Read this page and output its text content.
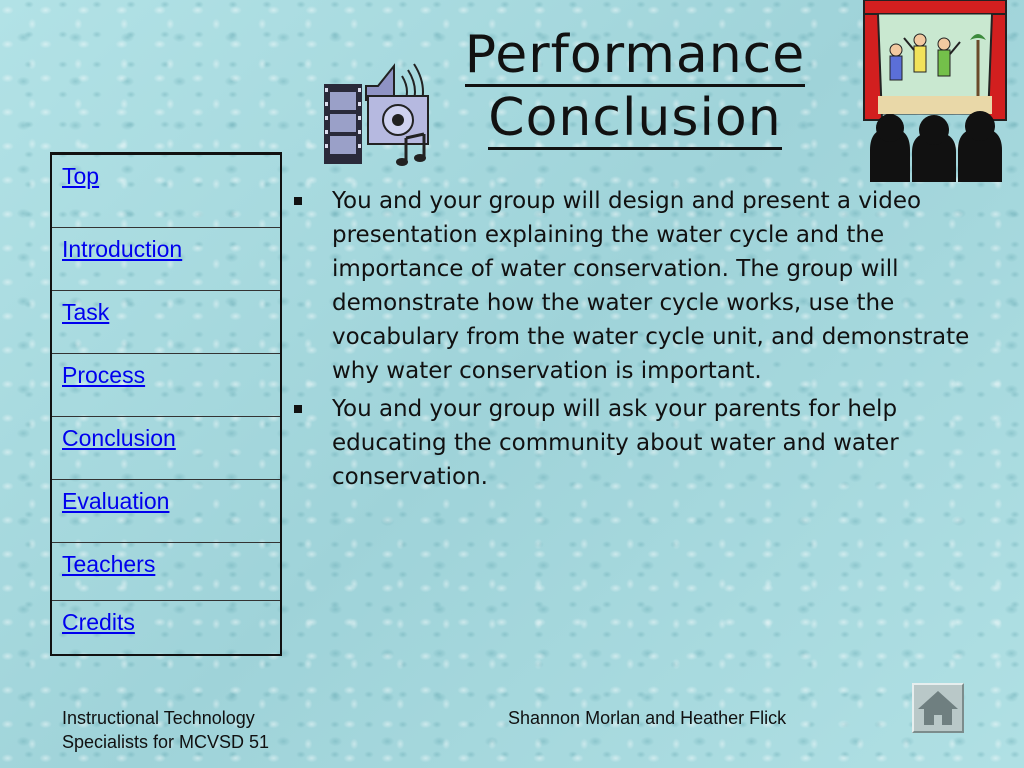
Performance
Conclusion
Top
Introduction
Task
Process
Conclusion
Evaluation
Teachers
Credits
You and your group will design and present a video presentation explaining the water cycle and the importance of water conservation. The group will demonstrate how the water cycle works, use the vocabulary from the water cycle unit, and demonstrate why water conservation is important.
You and your group will ask your parents for help educating the community about water and water conservation.
Instructional Technology
Specialists for MCVSD 51
Shannon Morlan and Heather Flick
